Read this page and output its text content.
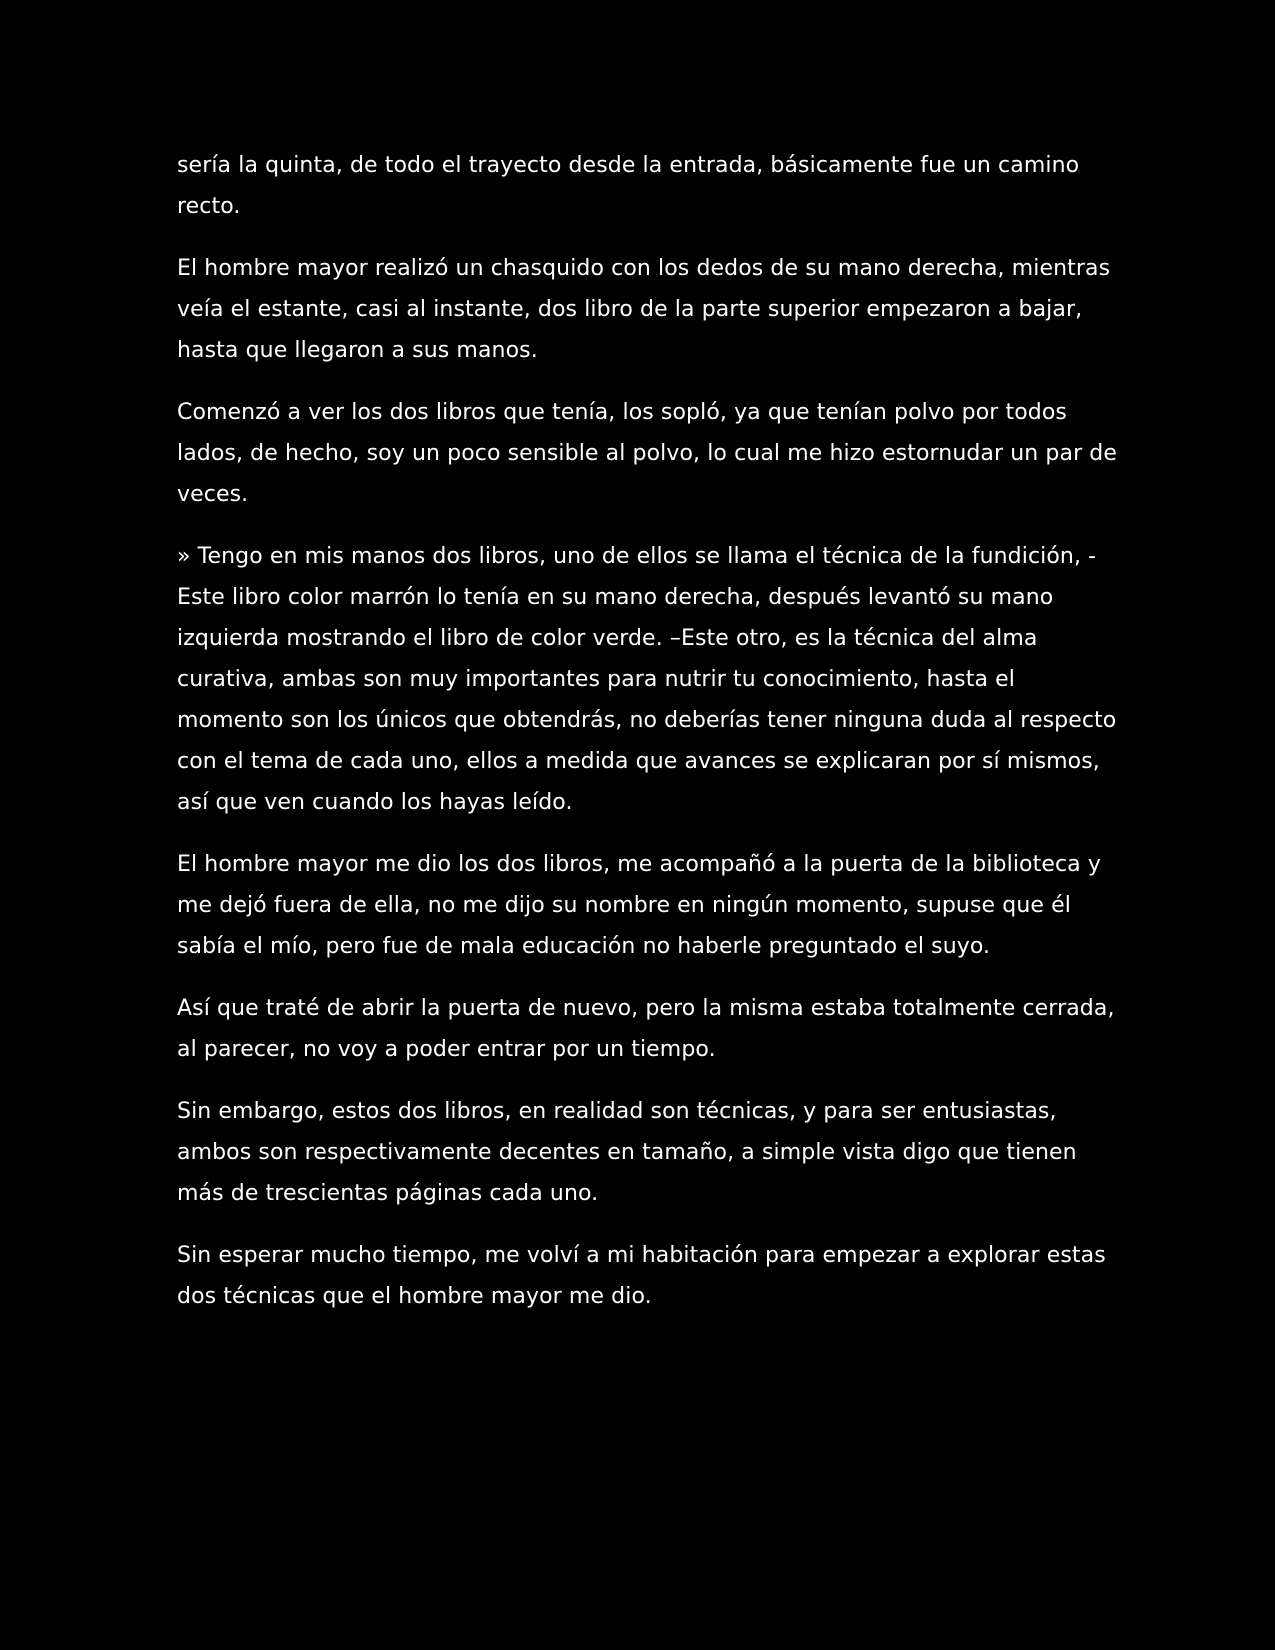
sería la quinta, de todo el trayecto desde la entrada, básicamente fue un camino recto.

El hombre mayor realizó un chasquido con los dedos de su mano derecha, mientras veía el estante, casi al instante, dos libro de la parte superior empezaron a bajar, hasta que llegaron a sus manos.

Comenzó a ver los dos libros que tenía, los sopló, ya que tenían polvo por todos lados, de hecho, soy un poco sensible al polvo, lo cual me hizo estornudar un par de veces.

» Tengo en mis manos dos libros, uno de ellos se llama el técnica de la fundición, -Este libro color marrón lo tenía en su mano derecha, después levantó su mano izquierda mostrando el libro de color verde. –Este otro, es la técnica del alma curativa, ambas son muy importantes para nutrir tu conocimiento, hasta el momento son los únicos que obtendrás, no deberías tener ninguna duda al respecto con el tema de cada uno, ellos a medida que avances se explicaran por sí mismos, así que ven cuando los hayas leído.

El hombre mayor me dio los dos libros, me acompañó a la puerta de la biblioteca y me dejó fuera de ella, no me dijo su nombre en ningún momento, supuse que él sabía el mío, pero fue de mala educación no haberle preguntado el suyo.

Así que traté de abrir la puerta de nuevo, pero la misma estaba totalmente cerrada, al parecer, no voy a poder entrar por un tiempo.

Sin embargo, estos dos libros, en realidad son técnicas, y para ser entusiastas, ambos son respectivamente decentes en tamaño, a simple vista digo que tienen más de trescientas páginas cada uno.

Sin esperar mucho tiempo, me volví a mi habitación para empezar a explorar estas dos técnicas que el hombre mayor me dio.
